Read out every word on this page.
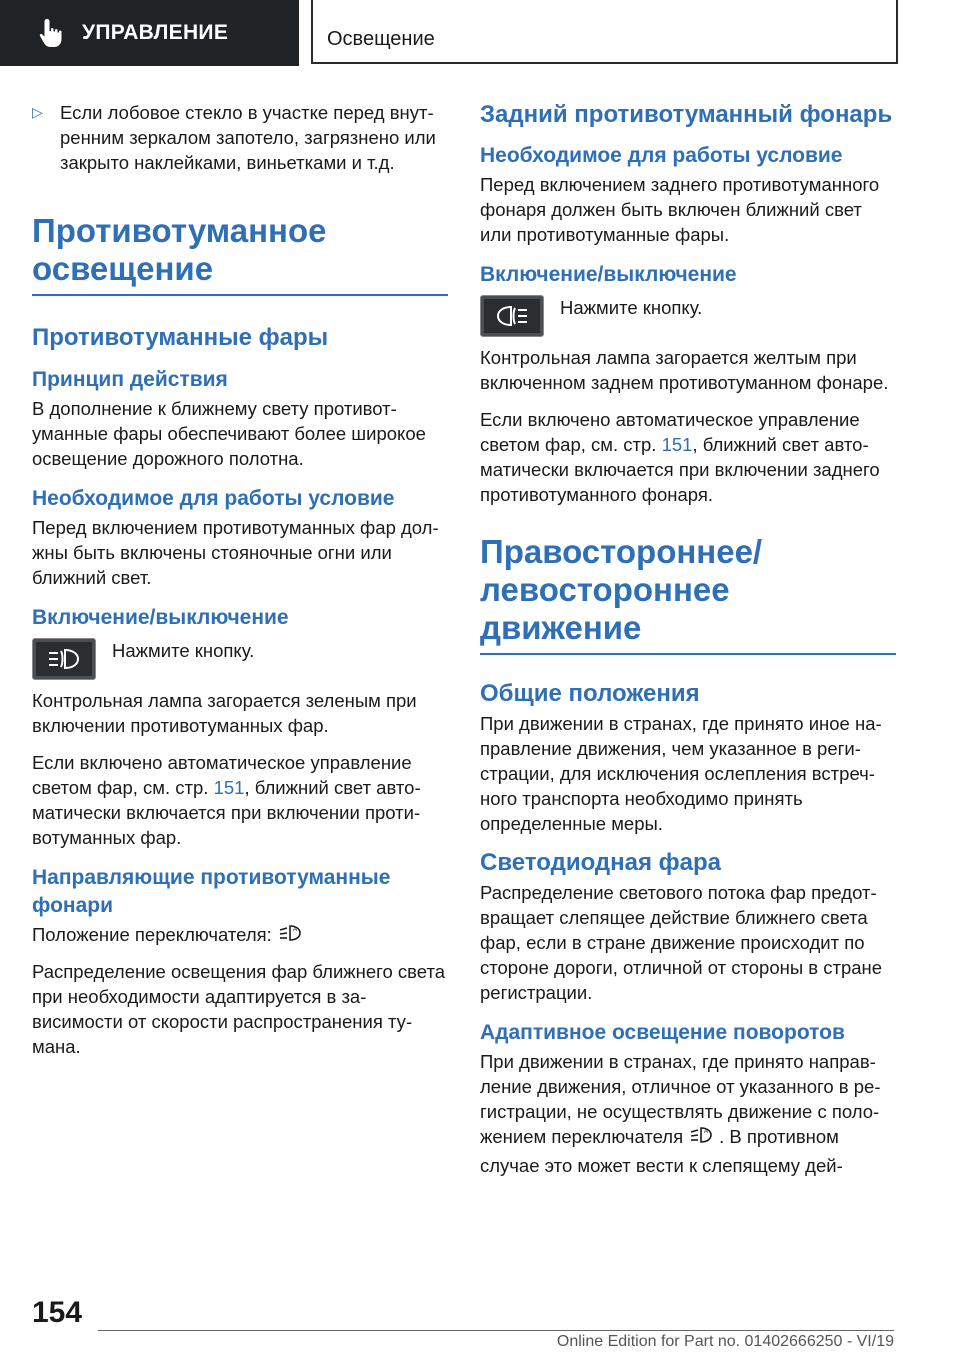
УПРАВЛЕНИЕ	Освещение
▷ Если лобовое стекло в участке перед внутренним зеркалом запотело, загрязнено или закрыто наклейками, виньетками и т.д.

Противотуманное освещение
Противотуманные фары
Принцип действия

В дополнение к ближнему свету противотуманные фары обеспечивают более широкое освещение дорожного полотна.

Необходимое для работы условие

Перед включением противотуманных фар должны быть включены стояночные огни или ближний свет.

Включение/выключение

Нажмите кнопку.

Контрольная лампа загорается зеленым при включении противотуманных фар.

Если включено автоматическое управление светом фар, см. стр. 151, ближний свет автоматически включается при включении противотуманных фар.

Направляющие противотуманные фонари

Положение переключателя:	A

Распределение освещения фар ближнего света при необходимости адаптируется в зависимости от скорости распространения тумана.

Задний противотуманный фонарь
Необходимое для работы условие

Перед включением заднего противотуманного фонаря должен быть включен ближний свет или противотуманные фары.

Включение/выключение

Нажмите кнопку.

Контрольная лампа загорается желтым при включенном заднем противотуманном фонаре.

Если включено автоматическое управление светом фар, см. стр. 151, ближний свет автоматически включается при включении заднего противотуманного фонаря.

Правостороннее/ левостороннее движение
Общие положения

При движении в странах, где принято иное направление движения, чем указанное в регистрации, для исключения ослепления встречного транспорта необходимо принять определенные меры.

Светодиодная фара

Распределение светового потока фар предотвращает слепящее действие ближнего света фар, если в стране движение происходит по стороне дороги, отличной от стороны в стране регистрации.

Адаптивное освещение поворотов

При движении в странах, где принято направление движения, отличное от указанного в регистрации, не осуществлять движение с положением переключателя	A . В противном случае это может вести к слепящему дей-

154
Online Edition for Part no. 01402666250 - VI/19
